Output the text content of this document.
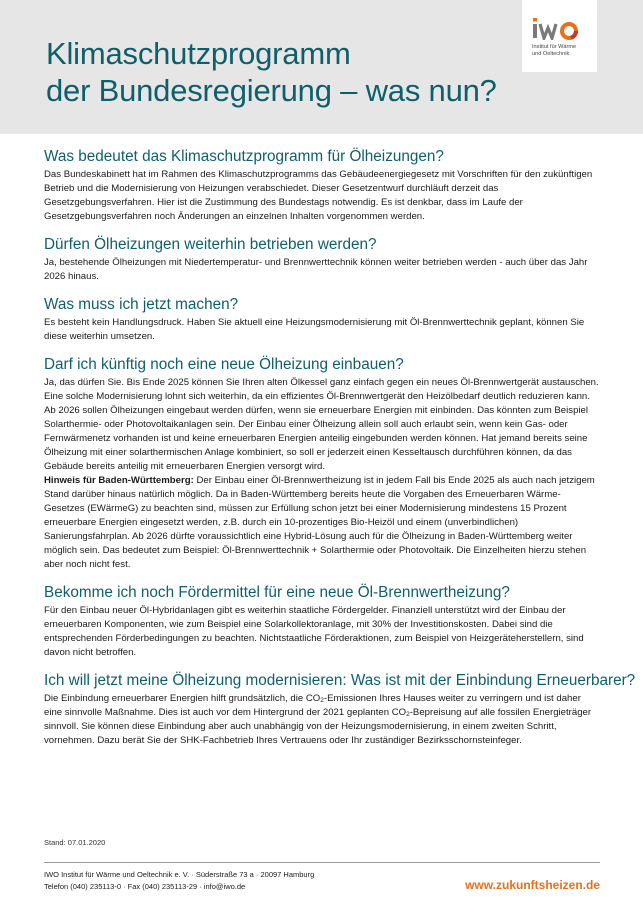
Klimaschutzprogramm
der Bundesregierung – was nun?
Institut für Wärme
und Oeltechnik
Was bedeutet das Klimaschutzprogramm für Ölheizungen?

Das Bundeskabinett hat im Rahmen des Klimaschutzprogramms das Gebäudeenergiegesetz mit Vorschriften für den zukünftigen Betrieb und die Modernisierung von Heizungen verabschiedet. Dieser Gesetzentwurf durchläuft derzeit das Gesetzgebungsverfahren. Hier ist die Zustimmung des Bundestags notwendig. Es ist denkbar, dass im Laufe der Gesetzgebungsverfahren noch Änderungen an einzelnen Inhalten vorgenommen werden.

Dürfen Ölheizungen weiterhin betrieben werden?

Ja, bestehende Ölheizungen mit Niedertemperatur- und Brennwerttechnik können weiter betrieben werden - auch über das Jahr 2026 hinaus.

Was muss ich jetzt machen?

Es besteht kein Handlungsdruck. Haben Sie aktuell eine Heizungsmodernisierung mit Öl-Brennwerttechnik geplant, können Sie diese weiterhin umsetzen.

Darf ich künftig noch eine neue Ölheizung einbauen?

Ja, das dürfen Sie. Bis Ende 2025 können Sie Ihren alten Ölkessel ganz einfach gegen ein neues Öl-Brennwertgerät austauschen. Eine solche Modernisierung lohnt sich weiterhin, da ein effizientes Öl-Brennwertgerät den Heizölbedarf deutlich reduzieren kann. Ab 2026 sollen Ölheizungen eingebaut werden dürfen, wenn sie erneuerbare Energien mit einbinden. Das könnten zum Beispiel Solarthermie- oder Photovoltaikanlagen sein. Der Einbau einer Ölheizung allein soll auch erlaubt sein, wenn kein Gas- oder Fernwärmenetz vorhanden ist und keine erneuerbaren Energien anteilig eingebunden werden können. Hat jemand bereits seine Ölheizung mit einer solarthermischen Anlage kombiniert, so soll er jederzeit einen Kesseltausch durchführen können, da das Gebäude bereits anteilig mit erneuerbaren Energien versorgt wird.

Hinweis für Baden-Württemberg: Der Einbau einer Öl-Brennwertheizung ist in jedem Fall bis Ende 2025 als auch nach jetzigem Stand darüber hinaus natürlich möglich. Da in Baden-Württemberg bereits heute die Vorgaben des Erneuerbaren Wärme-Gesetzes (EWärmeG) zu beachten sind, müssen zur Erfüllung schon jetzt bei einer Modernisierung mindestens 15 Prozent erneuerbare Energien eingesetzt werden, z.B. durch ein 10-prozentiges Bio-Heizöl und einem (unverbindlichen) Sanierungsfahrplan. Ab 2026 dürfte voraussichtlich eine Hybrid-Lösung auch für die Ölheizung in Baden-Württemberg weiter möglich sein. Das bedeutet zum Beispiel: Öl-Brennwerttechnik + Solarthermie oder Photovoltaik. Die Einzelheiten hierzu stehen aber noch nicht fest.

Bekomme ich noch Fördermittel für eine neue Öl-Brennwertheizung?

Für den Einbau neuer Öl-Hybridanlagen gibt es weiterhin staatliche Fördergelder. Finanziell unterstützt wird der Einbau der erneuerbaren Komponenten, wie zum Beispiel eine Solarkollektoranlage, mit 30% der Investitionskosten. Dabei sind die entsprechenden Förderbedingungen zu beachten. Nichtstaatliche Förderaktionen, zum Beispiel von Heizgeräteherstellern, sind davon nicht betroffen.

Ich will jetzt meine Ölheizung modernisieren: Was ist mit der Einbindung Erneuerbarer?

Die Einbindung erneuerbarer Energien hilft grundsätzlich, die $CO_2$-Emissionen Ihres Hauses weiter zu verringern und ist daher eine sinnvolle Maßnahme. Dies ist auch vor dem Hintergrund der 2021 geplanten $CO_2$-Bepreisung auf alle fossilen Energieträger sinnvoll. Sie können diese Einbindung aber auch unabhängig von der Heizungsmodernisierung, in einem zweiten Schritt, vornehmen. Dazu berät Sie der SHK-Fachbetrieb Ihres Vertrauens oder Ihr zuständiger Bezirksschornsteinfeger.

Stand: 07.01.2020
IWO Institut für Wärme und Oeltechnik e. V. · Süderstraße 73 a · 20097 Hamburg
Telefon (040) 235113-0 · Fax (040) 235113-29 · info@iwo.de	www.zukunftsheizen.de
